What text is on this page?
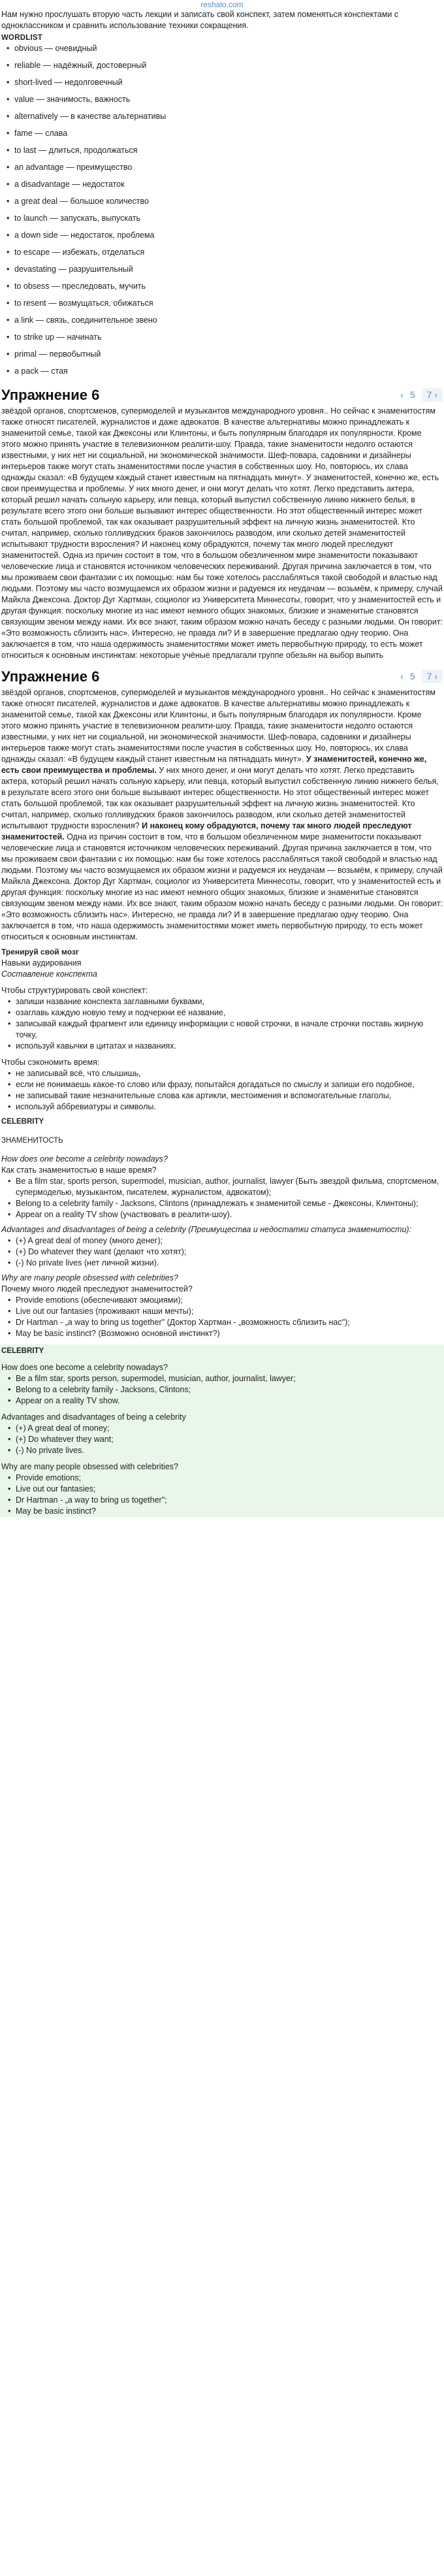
reshalo.com

Нам нужно прослушать вторую часть лекции и записать свой конспект, затем поменяться конспектами с одноклассником и сравнить использование техники сокращения.

WORDLIST
• obvious — очевидный
• reliable — надёжный, достоверный
• short-lived — недолговечный
• value — значимость, важность
• alternatively — в качестве альтернативы
• fame — слава
• to last — длиться, продолжаться
• an advantage — преимущество
• a disadvantage — недостаток
• a great deal — большое количество
• to launch — запускать, выпускать
• a down side — недостаток, проблема
• to escape — избежать, отделаться
• devastating — разрушительный
• to obsess — преследовать, мучить
• to resent — возмущаться, обижаться
• a link — связь, соединительное звено
• to strike up — начинать
• primal — первобытный
• a pack — стая
Упражнение 6	‹ 5	7 ›

звёздой органов, спортсменов, супермоделей и музыкантов международного уровня.. Но сейчас к знаменитостям также относят писателей, журналистов и даже адвокатов. В качестве альтернативы можно принадлежать к знаменитой семье, такой как Джексоны или Клинтоны, и быть популярным благодаря их популярности. Кроме этого можно принять участие в телевизионном реалити-шоу. Правда, такие знаменитости недолго остаются известными, у них нет ни социальной, ни экономической значимости. Шеф-повара, садовники и дизайнеры интерьеров также могут стать знаменитостями после участия в собственных шоу. Но, повторюсь, их слава однажды сказал: «В будущем каждый станет известным на пятнадцать минут». У знаменитостей, конечно же, есть свои преимущества и проблемы. У них много денег, и они могут делать что хотят. Легко представить актера, который решил начать сольную карьеру, или певца, который выпустил собственную линию нижнего белья, в результате всего этого они больше вызывают интерес общественности. Но этот общественный интерес может стать большой проблемой, так как оказывает разрушительный эффект на личную жизнь знаменитостей. Кто считал, например, сколько голливудских браков закончилось разводом, или сколько детей знаменитостей испытывают трудности взросления? И наконец кому обрадуются, почему так много людей преследуют знаменитостей. Одна из причин состоит в том, что в большом обезличенном мире знаменитости показывают человеческие лица и становятся источником человеческих переживаний. Другая причина заключается в том, что мы проживаем свои фантазии с их помощью: нам бы тоже хотелось расслабляться такой свободой и властью над людьми. Поэтому мы часто возмущаемся их образом жизни и радуемся их неудачам — возьмём, к примеру, случай Майкла Джексона. Доктор Дуг Хартман, социолог из Университета Миннесоты, говорит, что у знаменитостей есть и другая функция: поскольку многие из нас имеют немного общих знакомых, близкие и знаменитые становятся связующим звеном между нами. Их все знают, таким образом можно начать беседу с разными людьми. Он говорит: «Это возможность сблизить нас». Интересно, не правда ли? И в завершение предлагаю одну теорию. Она заключается в том, что наша одержимость знаменитостями может иметь первобытную природу, то есть может относиться к основным инстинктам: некоторые учёные предлагали группе обезьян на выбор выпить

Упражнение 6	‹ 5	7 ›

звёздой органов, спортсменов, супермоделей и музыкантов международного уровня.. Но сейчас к знаменитостям также относят писателей, журналистов и даже адвокатов. В качестве альтернативы можно принадлежать к знаменитой семье, такой как Джексоны или Клинтоны, и быть популярным благодаря их популярности. Кроме этого можно принять участие в телевизионном реалити-шоу. Правда, такие знаменитости недолго остаются известными, у них нет ни социальной, ни экономической значимости. Шеф-повара, садовники и дизайнеры интерьеров также могут стать знаменитостями после участия в собственных шоу. Но, повторюсь, их слава однажды сказал: «В будущем каждый станет известным на пятнадцать минут». У знаменитостей, конечно же, есть свои преимущества и проблемы. У них много денег, и они могут делать что хотят. Легко представить актера, который решил начать сольную карьеру, или певца, который выпустил собственную линию нижнего белья, в результате всего этого они больше вызывают интерес общественности. Но этот общественный интерес может стать большой проблемой, так как оказывает разрушительный эффект на личную жизнь знаменитостей. Кто считал, например, сколько голливудских браков закончилось разводом, или сколько детей знаменитостей испытывают трудности взросления? И наконец кому обрадуются, почему так много людей преследуют знаменитостей. Одна из причин состоит в том, что в большом обезличенном мире знаменитости показывают человеческие лица и становятся источником человеческих переживаний. Другая причина заключается в том, что мы проживаем свои фантазии с их помощью: нам бы тоже хотелось расслабляться такой свободой и властью над людьми. Поэтому мы часто возмущаемся их образом жизни и радуемся их неудачам — возьмём, к примеру, случай Майкла Джексона. Доктор Дуг Хартман, социолог из Университета Миннесоты, говорит, что у знаменитостей есть и другая функция: поскольку многие из нас имеют немного общих знакомых, близкие и знаменитые становятся связующим звеном между нами. Их все знают, таким образом можно начать беседу с разными людьми. Он говорит: «Это возможность сблизить нас». Интересно, не правда ли? И в завершение предлагаю одну теорию. Она заключается в том, что наша одержимость знаменитостями может иметь первобытную природу, то есть может относиться к основным инстинктам.

Тренируй свой мозг

Навыки аудирования

Составление конспекта

Чтобы структурировать свой конспект:

• запиши название конспекта заглавными буквами,
• озаглавь каждую новую тему и подчеркни её название,
• записывай каждый фрагмент или единицу информации с новой строчки, в начале строчки поставь жирную точку,
• используй кавычки в цитатах и названиях.

Чтобы сэкономить время:

• не записывай всё, что слышишь,
• если не понимаешь какое-то слово или фразу, попытайся догадаться по смыслу и запиши его подобное,
• не записывай такие незначительные слова как артикли, местоимения и вспомогательные глаголы,
• используй аббревиатуры и символы.

CELEBRITY

ЗНАМЕНИТОСТЬ

How does one become a celebrity nowadays?

Как стать знаменитостью в наше время?

• Be a film star, sports person, supermodel, musician, author, journalist, lawyer (Быть звездой фильма, спортсменом, супермоделью, музыкантом, писателем, журналистом, адвокатом);
• Belong to a celebrity family - Jacksons, Clintons (принадлежать к знаменитой семье - Джексоны, Клинтоны);
• Appear on a reality TV show (участвовать в реалити-шоу).

Advantages and disadvantages of being a celebrity (Преимущества и недостатки статуса знаменитости):

• (+) A great deal of money (много денег);
• (+) Do whatever they want (делают что хотят);
• (-) No private lives (нет личной жизни).

Why are many people obsessed with celebrities?

Почему много людей преследуют знаменитостей?

• Provide emotions (обеспечивают эмоциями);
• Live out our fantasies (проживают наши мечты);
• Dr Hartman - „a way to bring us together" (Доктор Хартман - „возможность сблизить нас");
• May be basic instinct? (Возможно основной инстинкт?)

CELEBRITY

How does one become a celebrity nowadays?

• Be a film star, sports person, supermodel, musician, author, journalist, lawyer;
• Belong to a celebrity family - Jacksons, Clintons;
• Appear on a reality TV show.

Advantages and disadvantages of being a celebrity

• (+) A great deal of money;
• (+) Do whatever they want;
• (-) No private lives.

Why are many people obsessed with celebrities?

• Provide emotions;
• Live out our fantasies;
• Dr Hartman - „a way to bring us together";
• May be basic instinct?
